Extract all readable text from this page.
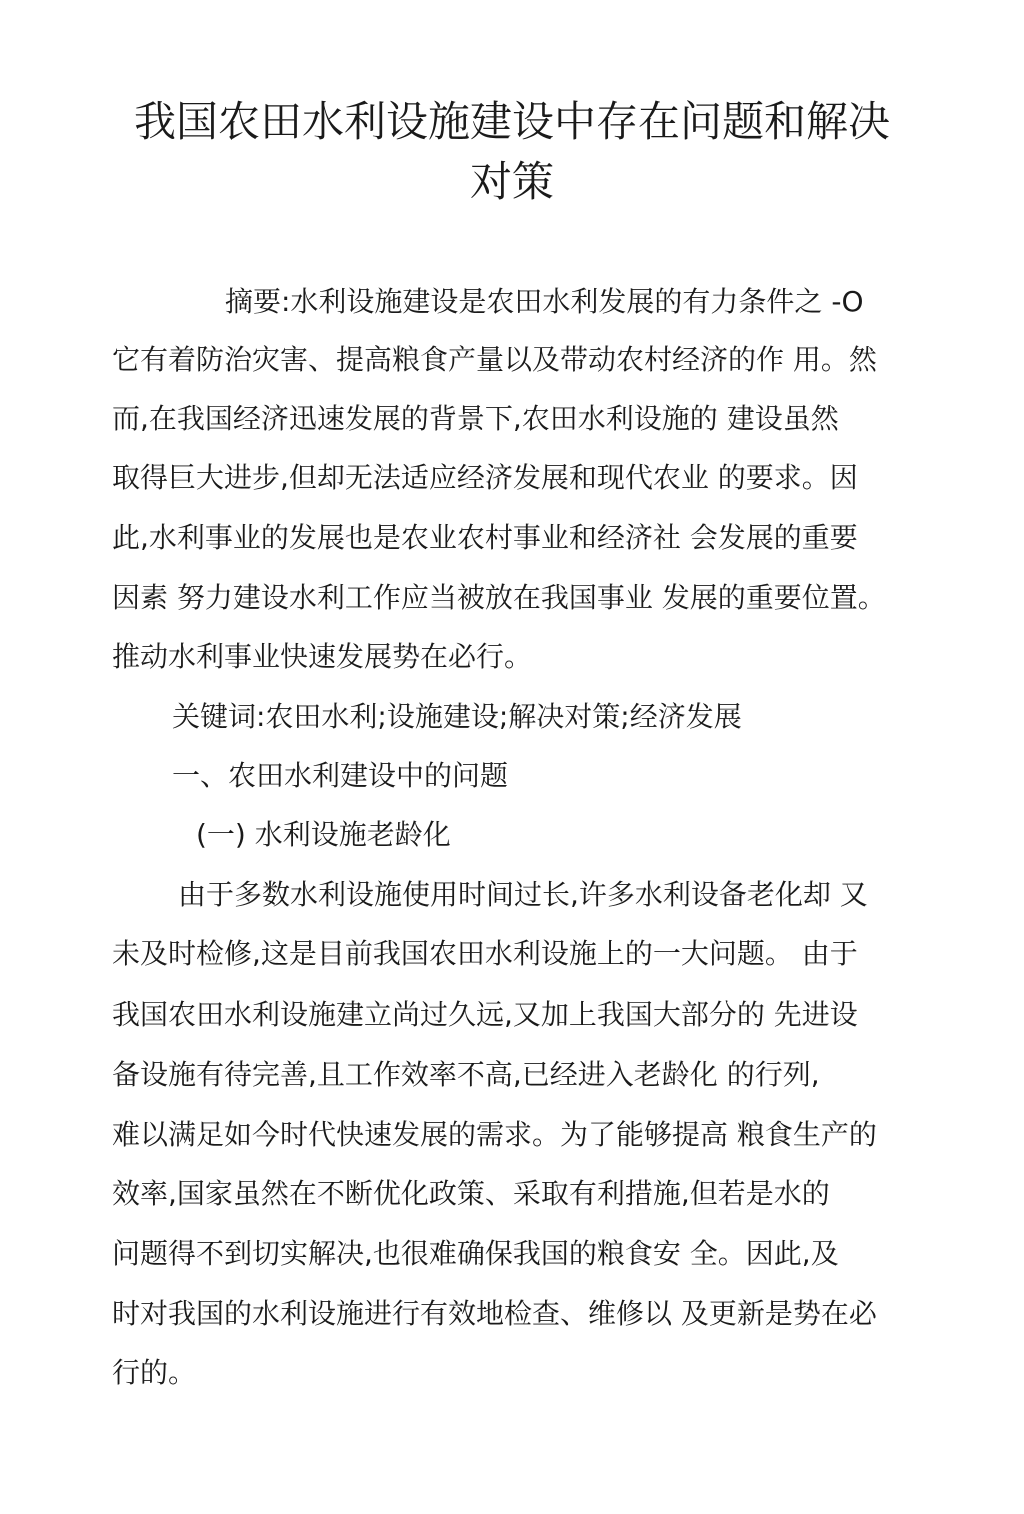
我国农田水利设施建设中存在问题和解决
对策
摘要:水利设施建设是农田水利发展的有力条件之 -O
它有着防治灾害、提高粮食产量以及带动农村经济的作 用。然
而,在我国经济迅速发展的背景下,农田水利设施的 建设虽然
取得巨大进步,但却无法适应经济发展和现代农业 的要求。因
此,水利事业的发展也是农业农村事业和经济社 会发展的重要
因素 努力建设水利工作应当被放在我国事业 发展的重要位置。
推动水利事业快速发展势在必行。
关键词:农田水利;设施建设;解决对策;经济发展
一、农田水利建设中的问题
(一) 水利设施老龄化
由于多数水利设施使用时间过长,许多水利设备老化却 又
未及时检修,这是目前我国农田水利设施上的一大问题。 由于
我国农田水利设施建立尚过久远,又加上我国大部分的 先进设
备设施有待完善,且工作效率不高,已经进入老龄化 的行列,
难以满足如今时代快速发展的需求。为了能够提高 粮食生产的
效率,国家虽然在不断优化政策、采取有利措施,但若是水的
问题得不到切实解决,也很难确保我国的粮食安 全。因此,及
时对我国的水利设施进行有效地检查、维修以 及更新是势在必
行的。
